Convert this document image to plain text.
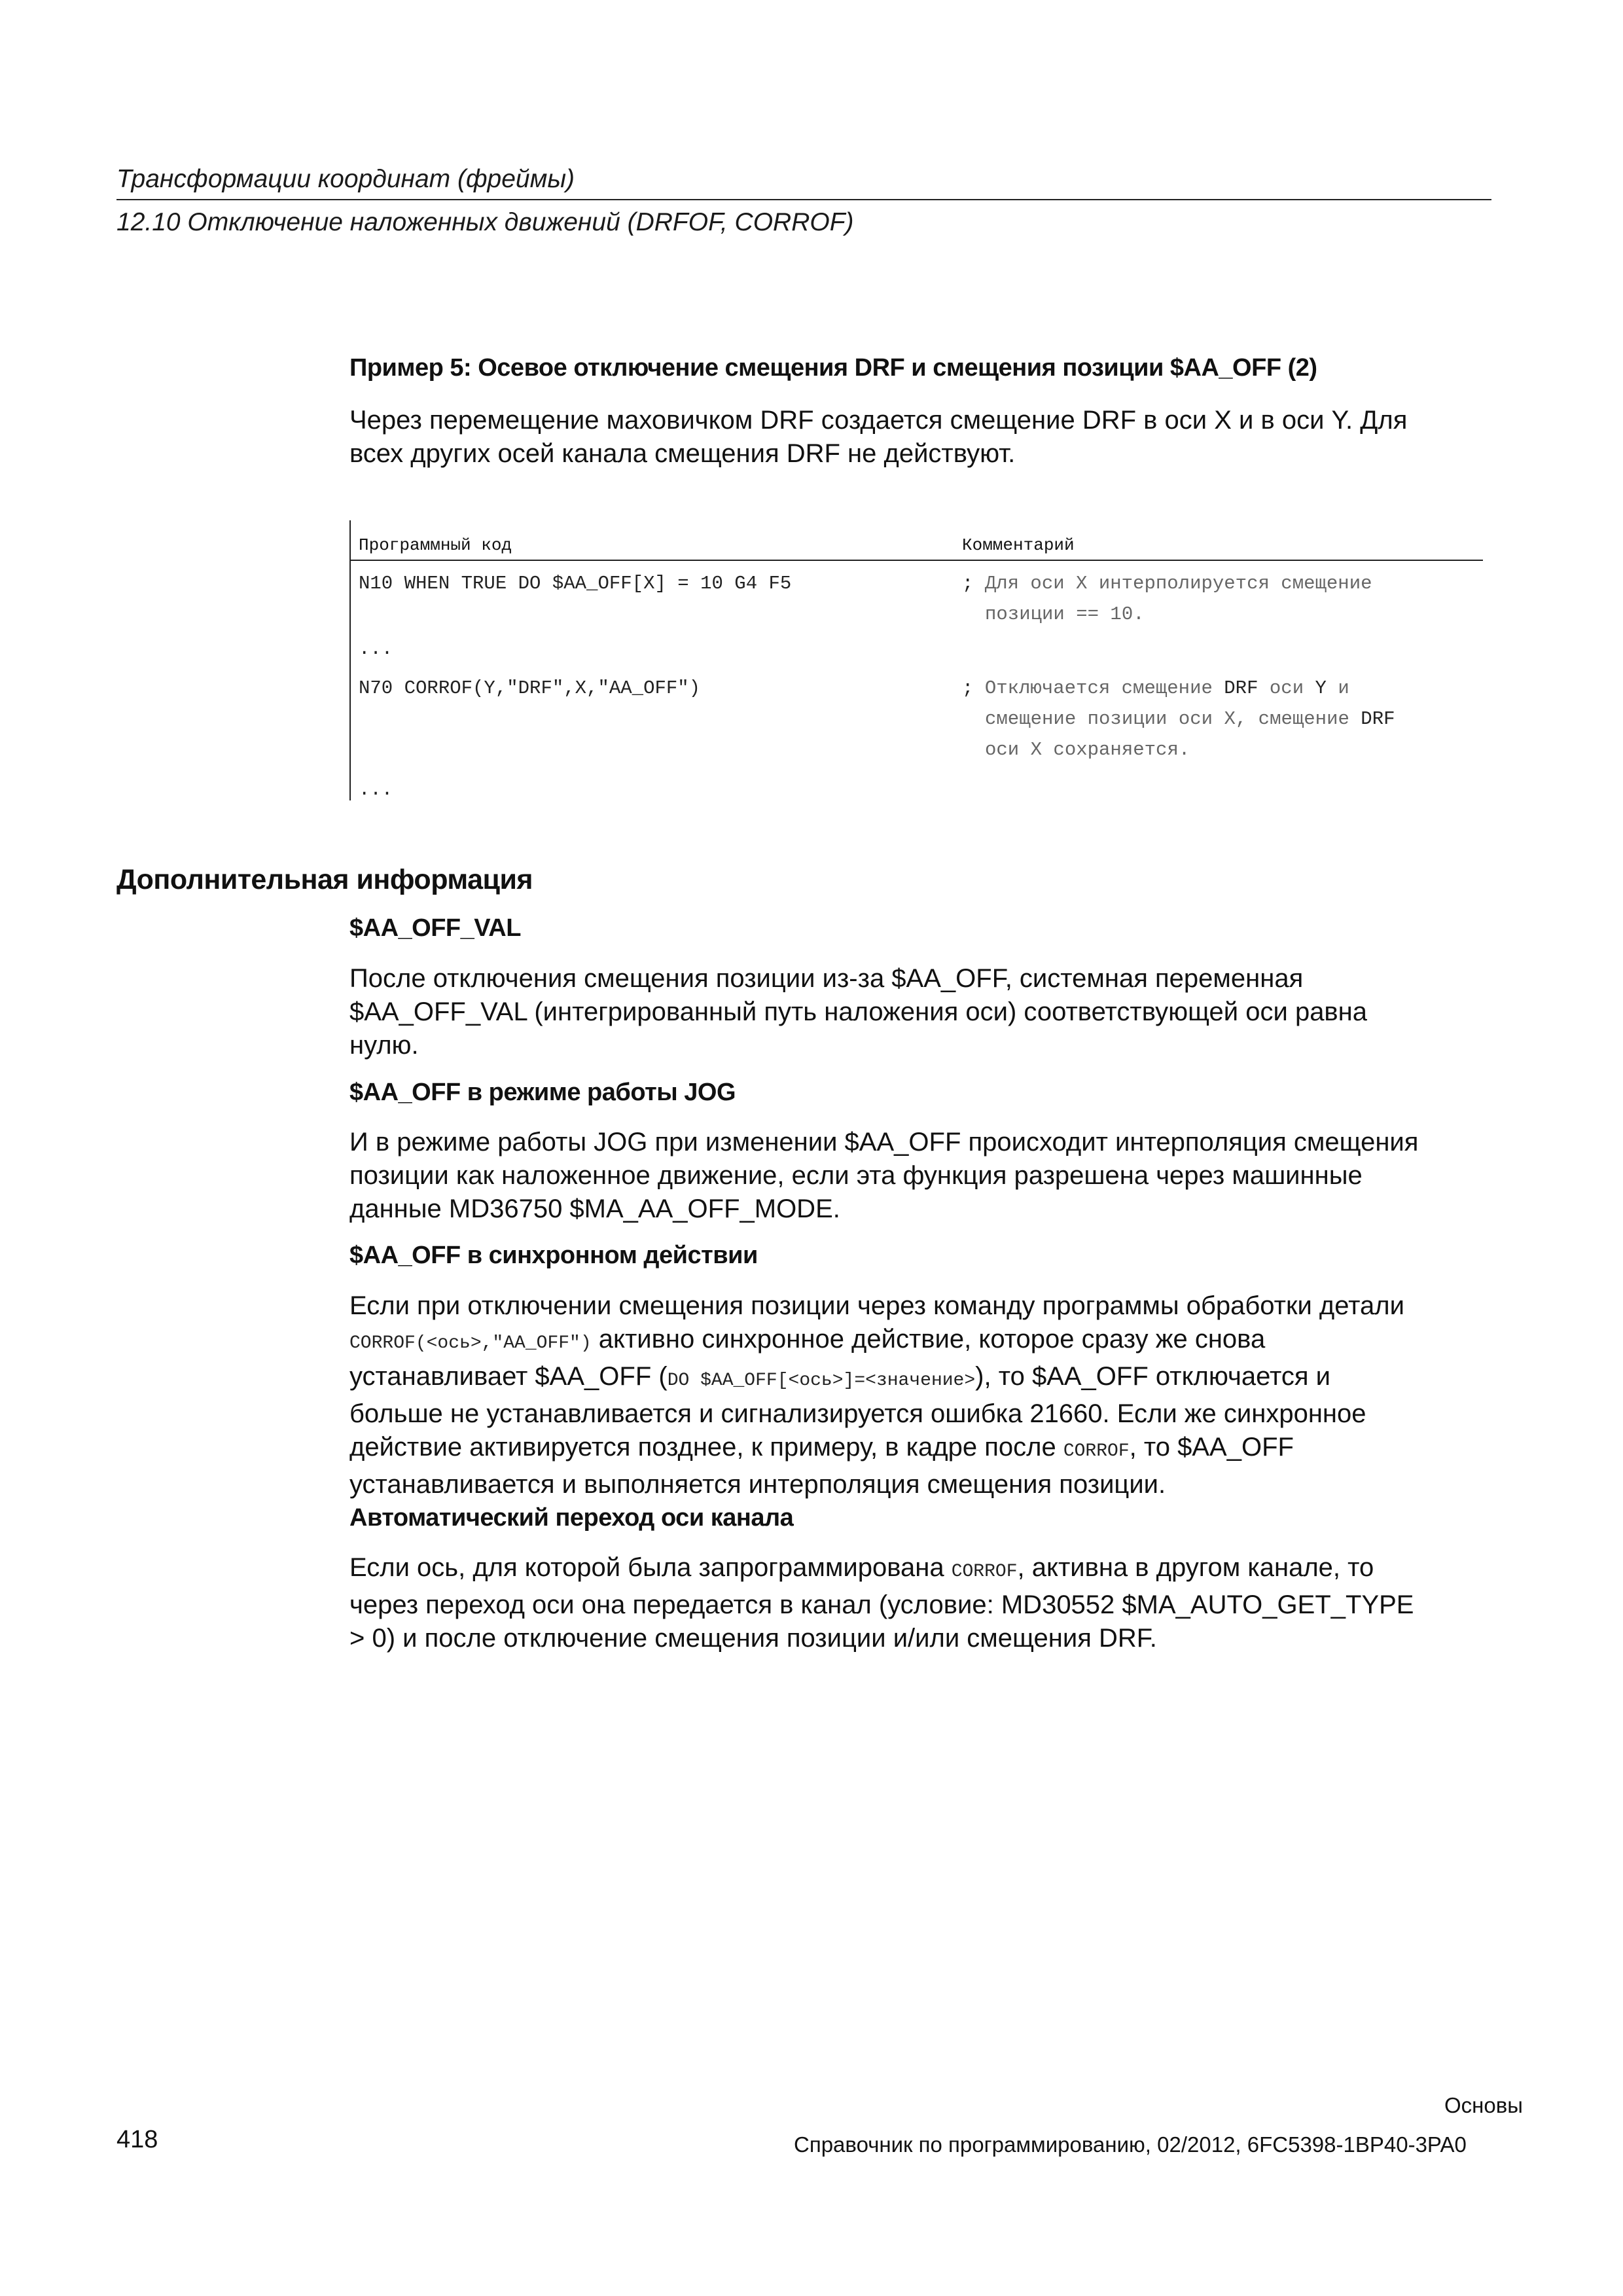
Трансформации координат (фреймы)
12.10 Отключение наложенных движений (DRFOF, CORROF)
Пример 5: Осевое отключение смещения DRF и смещения позиции $AA_OFF (2)
Через перемещение маховичком DRF создается смещение DRF в оси X и в оси Y. Для
всех других осей канала смещения DRF не действуют.
Программный код	Комментарий
N10 WHEN TRUE DO $AA_OFF[X] = 10 G4 F5
...
N70 CORROF(Y,"DRF",X,"AA_OFF")
...
; Для оси X интерполируется смещение
позиции == 10.
; Отключается смещение DRF оси Y и
смещение позиции оси X, смещение DRF
оси X сохраняется.
Дополнительная информация
$AA_OFF_VAL
После отключения смещения позиции из-за $AA_OFF, системная переменная
$AA_OFF_VAL (интегрированный путь наложения оси) соответствующей оси равна
нулю.
$AA_OFF в режиме работы JOG
И в режиме работы JOG при изменении $AA_OFF происходит интерполяция смещения
позиции как наложенное движение, если эта функция разрешена через машинные
данные MD36750 $MA_AA_OFF_MODE.
$AA_OFF в синхронном действии
Если при отключении смещения позиции через команду программы обработки детали
CORROF(<ось>,"AA_OFF") активно синхронное действие, которое сразу же снова
устанавливает $AA_OFF (DO $AA_OFF[<ось>]=<значение>), то $AA_OFF отключается и
больше не устанавливается и сигнализируется ошибка 21660. Если же синхронное
действие активируется позднее, к примеру, в кадре после CORROF, то $AA_OFF
устанавливается и выполняется интерполяция смещения позиции.
Автоматический переход оси канала
Если ось, для которой была запрограммирована CORROF, активна в другом канале, то
через переход оси она передается в канал (условие: MD30552 $MA_AUTO_GET_TYPE
> 0) и после отключение смещения позиции и/или смещения DRF.
Основы
418	Справочник по программированию, 02/2012, 6FC5398-1BP40-3PA0
